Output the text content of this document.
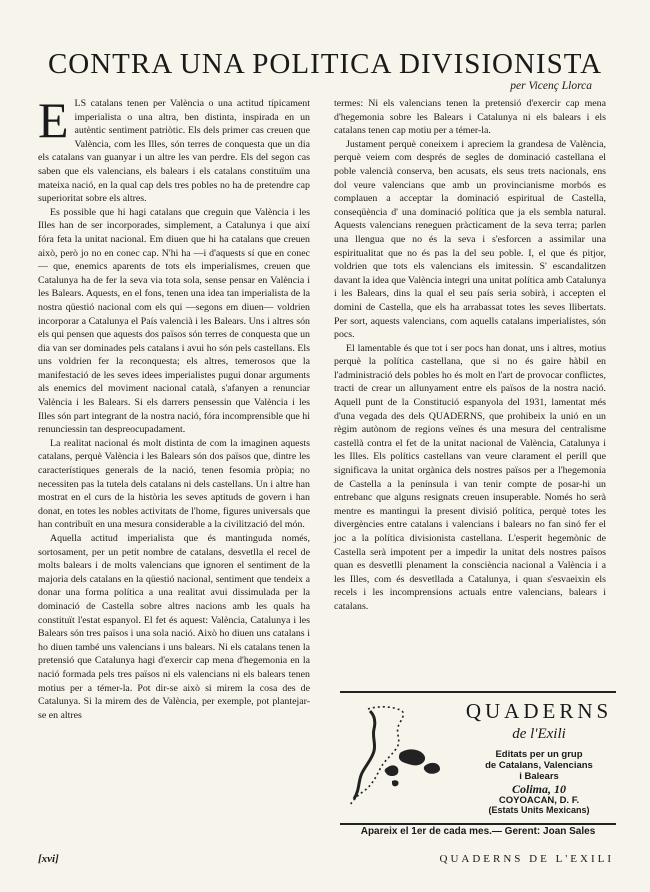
CONTRA UNA POLITICA DIVISIONISTA
per Vicenç Llorca

ELS catalans tenen per València o una actitud típicament imperialista o una altra, ben distinta, inspirada en un autèntic sentiment patriòtic. Els dels primer cas creuen que València, com les Illes, són terres de conquesta que un dia els catalans van guanyar i un altre les van perdre. Els del segon cas saben que els valencians, els balears i els catalans constituïm una mateixa nació, en la qual cap dels tres pobles no ha de pretendre cap superioritat sobre els altres.

Es possible que hi hagi catalans que creguin que València i les Illes han de ser incorporades, simplement, a Catalunya i que així fóra feta la unitat nacional. Em diuen que hi ha catalans que creuen això, però jo no en conec cap. N'hi ha —i d'aquests sí que en conec— que, enemics aparents de tots els imperialismes, creuen que Catalunya ha de fer la seva via tota sola, sense pensar en València i les Balears. Aquests, en el fons, tenen una idea tan imperialista de la nostra qüestió nacional com els qui —segons em diuen— voldrien incorporar a Catalunya el País valencià i les Balears. Uns i altres són els qui pensen que aquests dos països són terres de conquesta que un dia van ser dominades pels catalans i avui ho són pels castellans. Els uns voldrien fer la reconquesta; els altres, temerosos que la manifestació de les seves idees imperialistes pugui donar arguments als enemics del moviment nacional català, s'afanyen a renunciar València i les Balears. Si els darrers pensessin que València i les Illes són part integrant de la nostra nació, fóra incomprensible que hi renunciessin tan despreocupadament.

La realitat nacional és molt distinta de com la imaginen aquests catalans, perquè València i les Balears són dos països que, dintre les característiques generals de la nació, tenen fesomia pròpia; no necessiten pas la tutela dels catalans ni dels castellans. Un i altre han mostrat en el curs de la història les seves aptituds de govern i han donat, en totes les nobles activitats de l'home, figures universals que han contribuït en una mesura considerable a la civilització del món.

Aquella actitud imperialista que és mantinguda només, sortosament, per un petit nombre de catalans, desvetlla el recel de molts balears i de molts valencians que ignoren el sentiment de la majoria dels catalans en la qüestió nacional, sentiment que tendeix a donar una forma política a una realitat avui dissimulada per la dominació de Castella sobre altres nacions amb les quals ha constituït l'estat espanyol. El fet és aquest: València, Catalunya i les Balears són tres països i una sola nació. Això ho diuen uns catalans i ho diuen també uns valencians i uns balears. Ni els catalans tenen la pretensió que Catalunya hagi d'exercir cap mena d'hegemonia en la nació formada pels tres països ni els valencians ni els balears tenen motius per a témer-la. Pot dir-se això si mirem la cosa des de Catalunya. Si la mirem des de València, per exemple, pot plantejar-se en altres

termes: Ni els valencians tenen la pretensió d'exercir cap mena d'hegemonia sobre les Balears i Catalunya ni els balears i els catalans tenen cap motiu per a témer-la.

Justament perquè coneixem i apreciem la grandesa de València, perquè veiem com després de segles de dominació castellana el poble valencià conserva, ben acusats, els seus trets nacionals, ens dol veure valencians que amb un provincianisme morbós es complauen a acceptar la dominació espiritual de Castella, conseqüència d' una dominació política que ja els sembla natural. Aquests valencians reneguen pràcticament de la seva terra; parlen una llengua que no és la seva i s'esforcen a assimilar una espiritualitat que no és pas la del seu poble. I, el que és pitjor, voldrien que tots els valencians els imitessin. S' escandalitzen davant la idea que València integri una unitat política amb Catalunya i les Balears, dins la qual el seu país seria sobirà, i accepten el domini de Castella, que els ha arrabassat totes les seves llibertats. Per sort, aquests valencians, com aquells catalans imperialistes, són pocs.

El lamentable és que tot i ser pocs han donat, uns i altres, motius perquè la política castellana, que si no és gaire hàbil en l'administració dels pobles ho és molt en l'art de provocar conflictes, tracti de crear un allunyament entre els països de la nostra nació. Aquell punt de la Constitució espanyola del 1931, lamentat més d'una vegada des dels QUADERNS, que prohibeix la unió en un règim autònom de regions veïnes és una mesura del centralisme castellà contra el fet de la unitat nacional de València, Catalunya i les Illes. Els polítics castellans van veure clarament el perill que significava la unitat orgànica dels nostres països per a l'hegemonia de Castella a la península i van tenir compte de posar-hi un entrebanc que alguns resignats creuen insuperable. Només ho serà mentre es mantingui la present divisió política, perquè totes les divergències entre catalans i valencians i balears no fan sinó fer el joc a la política divisionista castellana. L'esperit hegemònic de Castella serà impotent per a impedir la unitat dels nostres països quan es desvetlli plenament la consciència nacional a València i a les Illes, com és desvetllada a Catalunya, i quan s'esvaeixin els recels i les incomprensions actuals entre valencians, balears i catalans.

QUADERNS
de l'Exili
Editats per un grup
de Catalans, Valencians
i Balears
Colima, 10
COYOACAN, D. F.
(Estats Units Mexicans)
Apareix el 1er de cada mes.— Gerent: Joan Sales
[xvi]	QUADERNS DE L'EXILI
